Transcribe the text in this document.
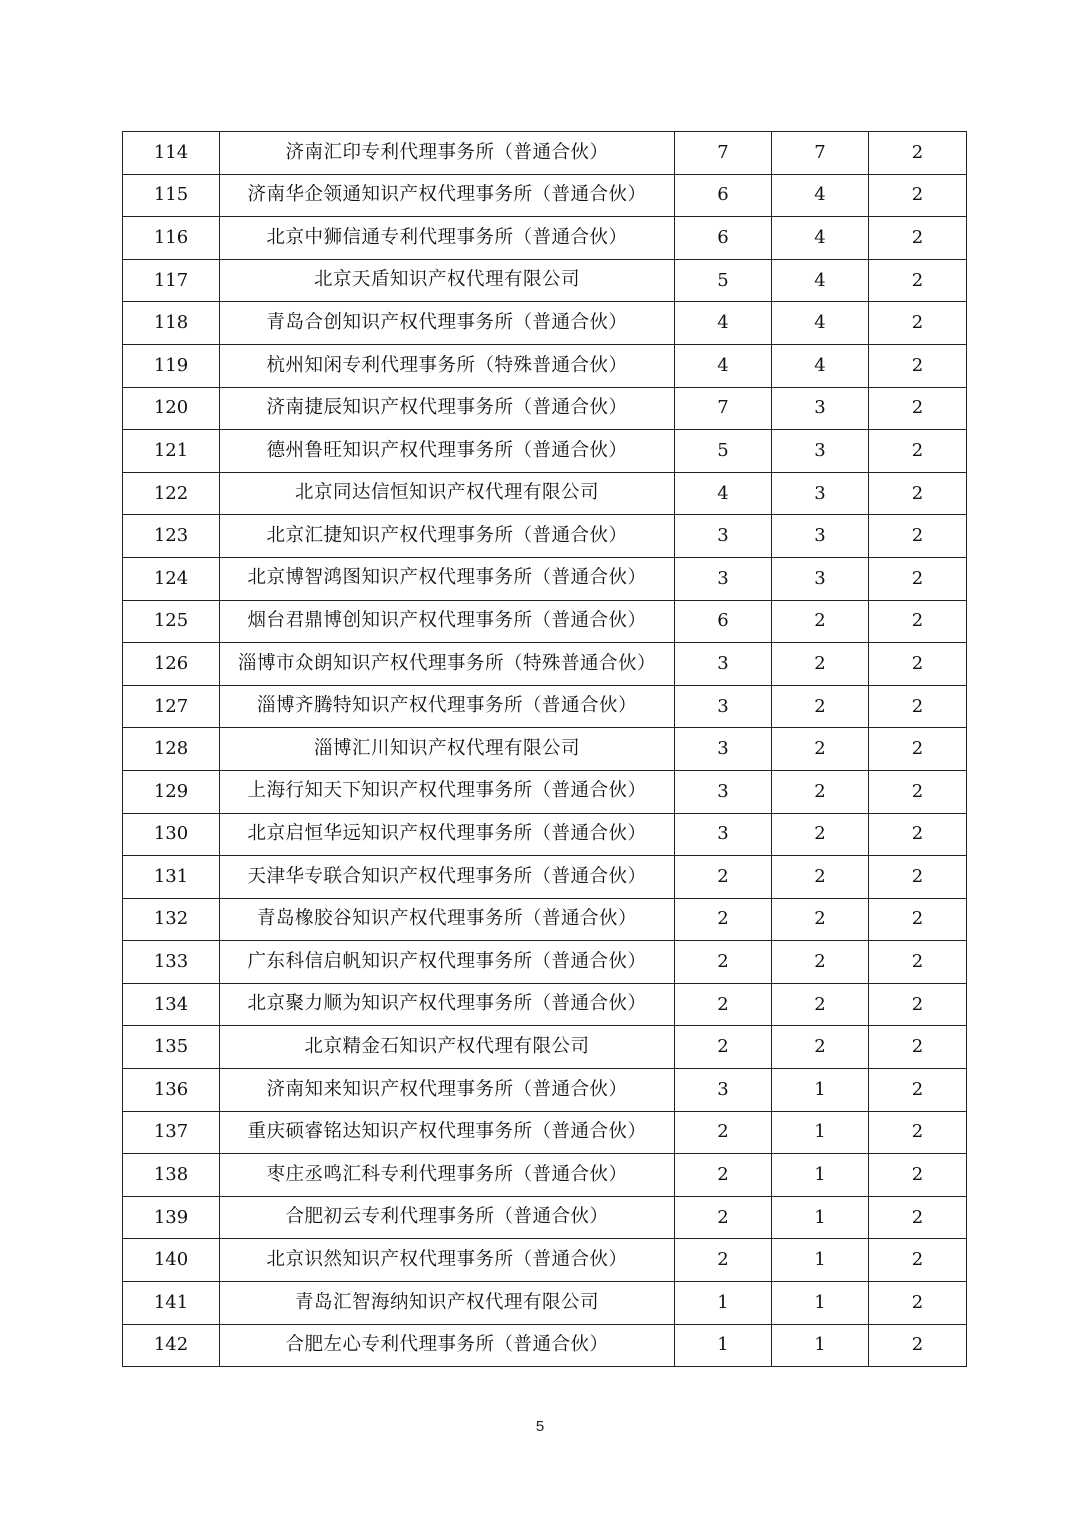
114	济南汇印专利代理事务所（普通合伙）	7	7	2
115	济南华企领通知识产权代理事务所（普通合伙）	6	4	2
116	北京中狮信通专利代理事务所（普通合伙）	6	4	2
117	北京天盾知识产权代理有限公司	5	4	2
118	青岛合创知识产权代理事务所（普通合伙）	4	4	2
119	杭州知闲专利代理事务所（特殊普通合伙）	4	4	2
120	济南捷辰知识产权代理事务所（普通合伙）	7	3	2
121	德州鲁旺知识产权代理事务所（普通合伙）	5	3	2
122	北京同达信恒知识产权代理有限公司	4	3	2
123	北京汇捷知识产权代理事务所（普通合伙）	3	3	2
124	北京博智鸿图知识产权代理事务所（普通合伙）	3	3	2
125	烟台君鼎博创知识产权代理事务所（普通合伙）	6	2	2
126	淄博市众朗知识产权代理事务所（特殊普通合伙）	3	2	2
127	淄博齐腾特知识产权代理事务所（普通合伙）	3	2	2
128	淄博汇川知识产权代理有限公司	3	2	2
129	上海行知天下知识产权代理事务所（普通合伙）	3	2	2
130	北京启恒华远知识产权代理事务所（普通合伙）	3	2	2
131	天津华专联合知识产权代理事务所（普通合伙）	2	2	2
132	青岛橡胶谷知识产权代理事务所（普通合伙）	2	2	2
133	广东科信启帆知识产权代理事务所（普通合伙）	2	2	2
134	北京聚力顺为知识产权代理事务所（普通合伙）	2	2	2
135	北京精金石知识产权代理有限公司	2	2	2
136	济南知来知识产权代理事务所（普通合伙）	3	1	2
137	重庆硕睿铭达知识产权代理事务所（普通合伙）	2	1	2
138	枣庄丞鸣汇科专利代理事务所（普通合伙）	2	1	2
139	合肥初云专利代理事务所（普通合伙）	2	1	2
140	北京识然知识产权代理事务所（普通合伙）	2	1	2
141	青岛汇智海纳知识产权代理有限公司	1	1	2
142	合肥左心专利代理事务所（普通合伙）	1	1	2
5
